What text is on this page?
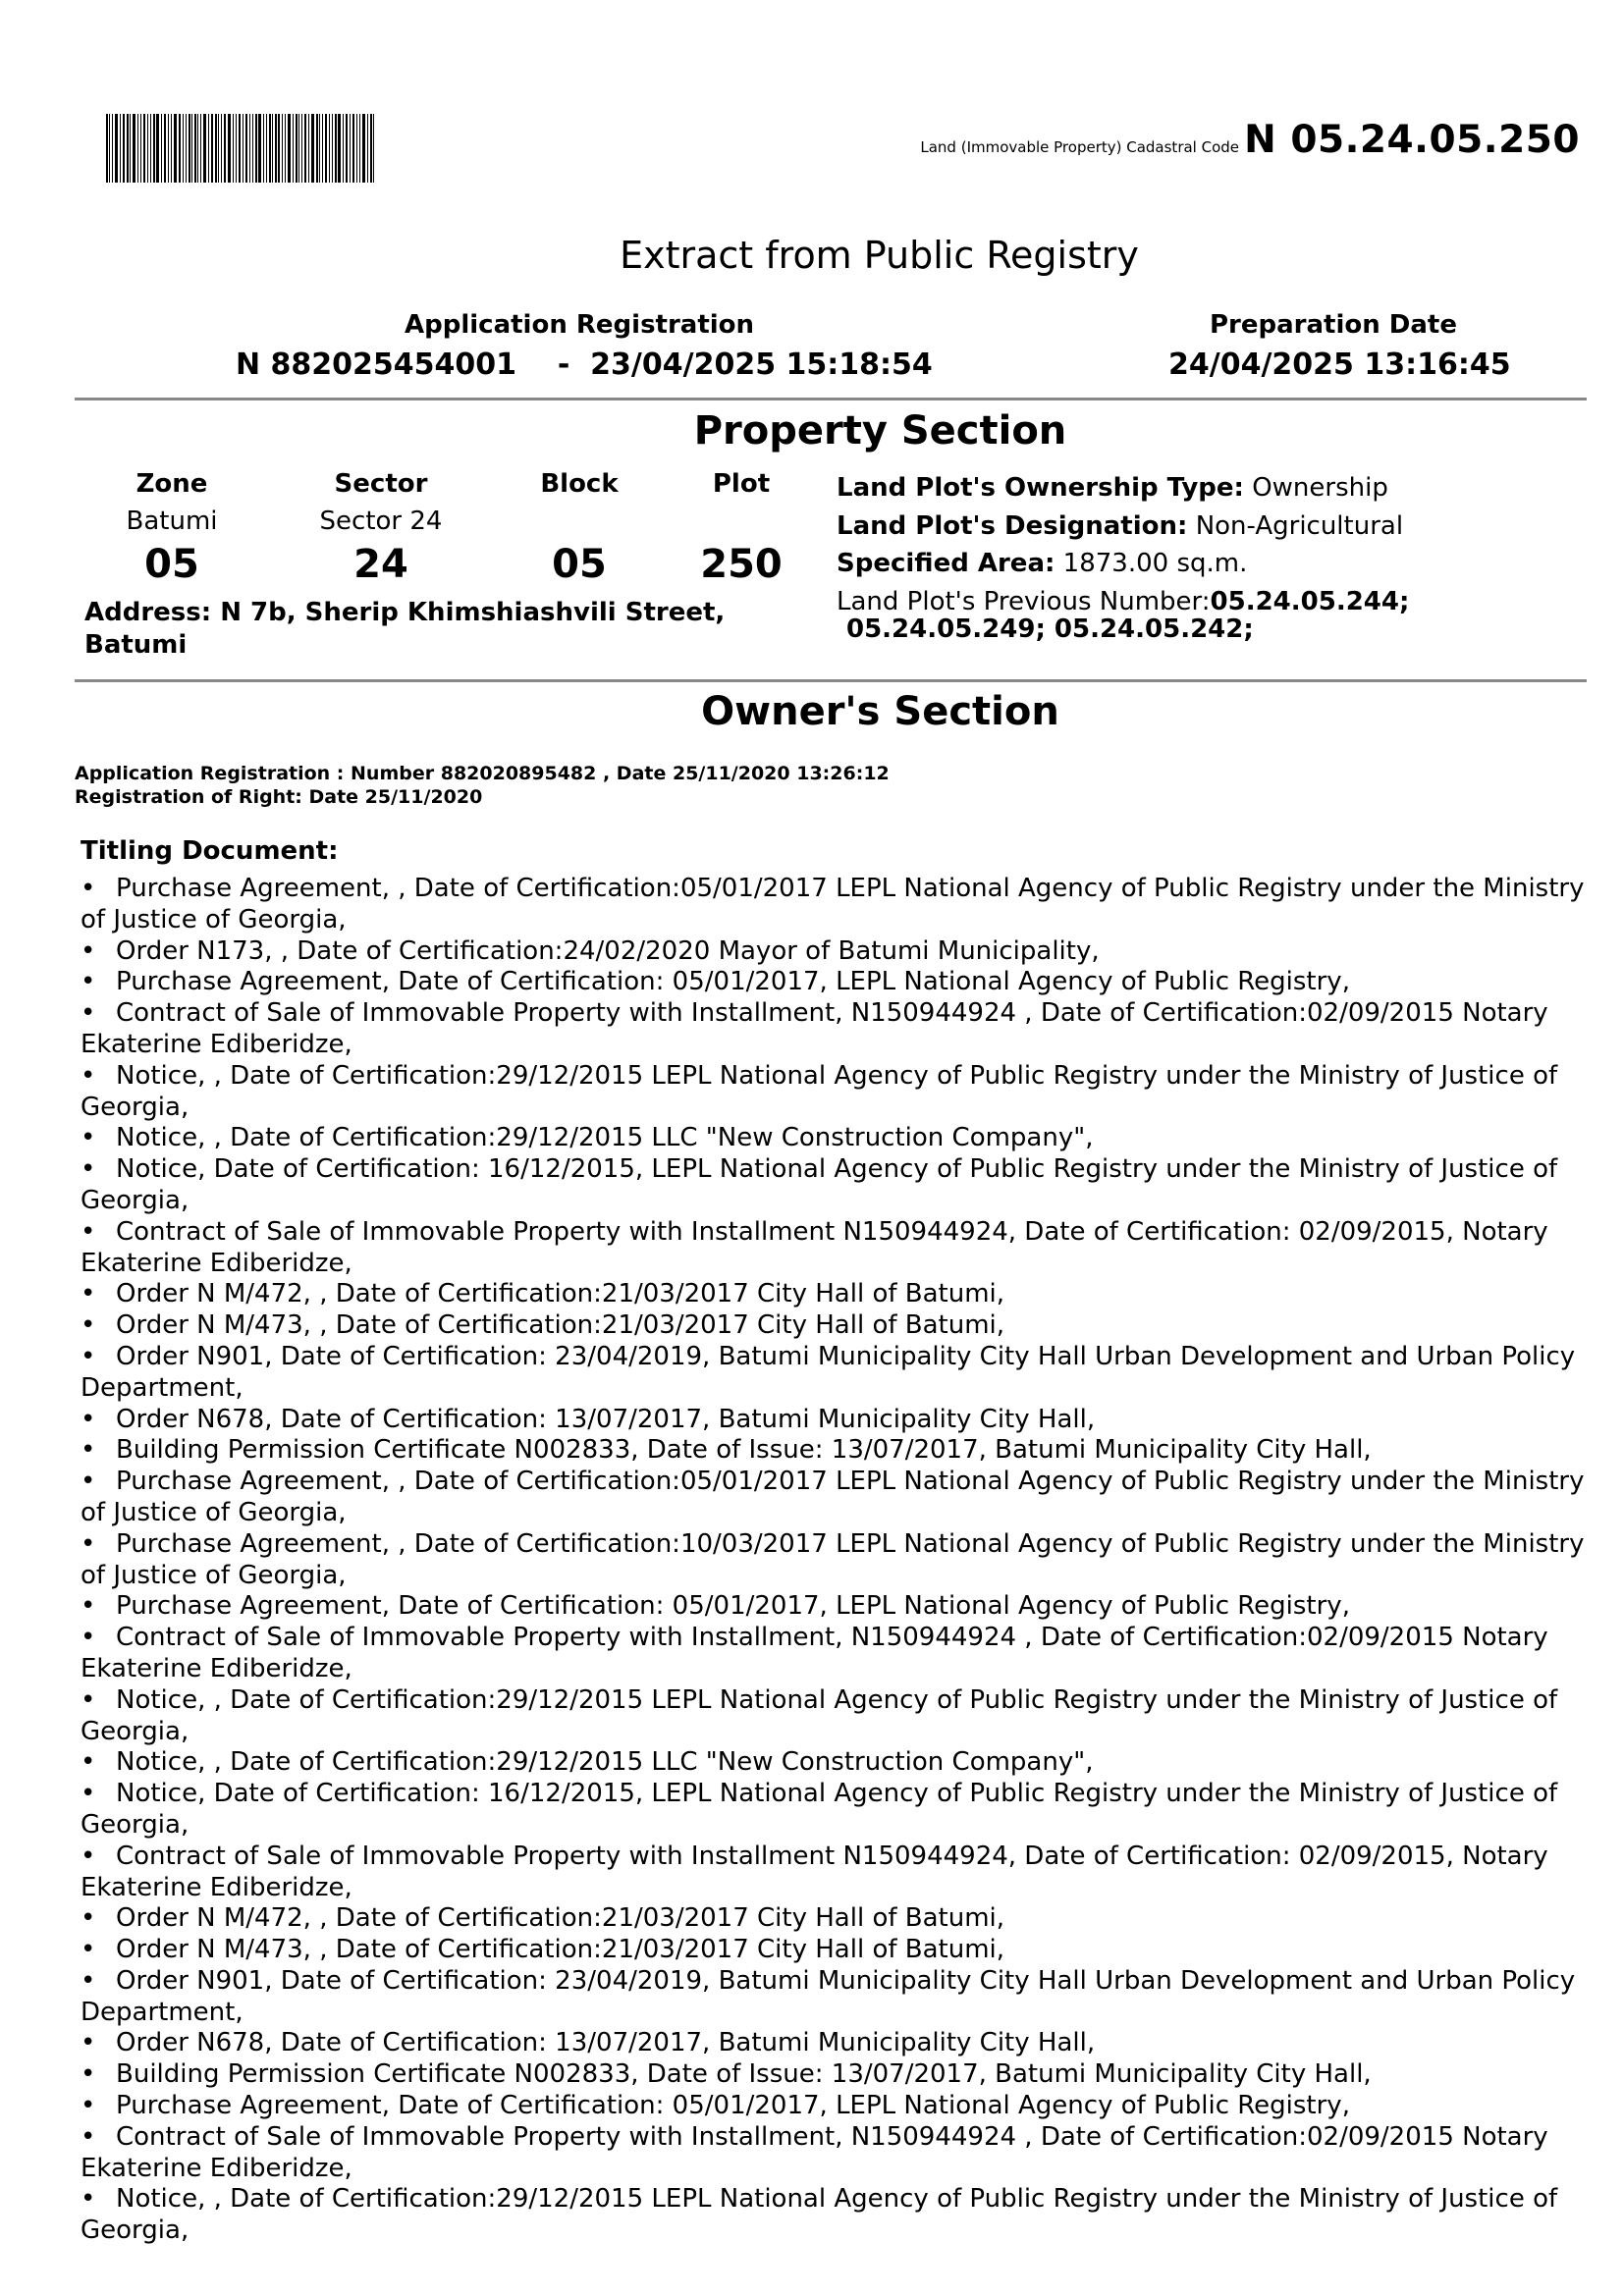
Land (Immovable Property) Cadastral Code N 05.24.05.250
Extract from Public Registry
Application Registration
N 882025454001    -  23/04/2025 15:18:54
Preparation Date
24/04/2025 13:16:45
Property Section
Zone	Sector	Block	Plot
Batumi	Sector 24
05	24	05	250
Address: N 7b, Sherip Khimshiashvili Street, Batumi
Land Plot's Ownership Type: Ownership
Land Plot's Designation: Non-Agricultural
Specified Area: 1873.00 sq.m.
Land Plot's Previous Number:05.24.05.244;
05.24.05.249; 05.24.05.242;
Owner's Section
Application Registration : Number 882020895482 , Date 25/11/2020 13:26:12
Registration of Right: Date 25/11/2020
Titling Document:
• Purchase Agreement, , Date of Certification:05/01/2017 LEPL National Agency of Public Registry under the Ministry of Justice of Georgia,
• Order N173, , Date of Certification:24/02/2020 Mayor of Batumi Municipality,
• Purchase Agreement, Date of Certification: 05/01/2017, LEPL National Agency of Public Registry,
• Contract of Sale of Immovable Property with Installment, N150944924 , Date of Certification:02/09/2015 Notary Ekaterine Ediberidze,
• Notice, , Date of Certification:29/12/2015 LEPL National Agency of Public Registry under the Ministry of Justice of Georgia,
• Notice, , Date of Certification:29/12/2015 LLC "New Construction Company",
• Notice, Date of Certification: 16/12/2015, LEPL National Agency of Public Registry under the Ministry of Justice of Georgia,
• Contract of Sale of Immovable Property with Installment N150944924, Date of Certification: 02/09/2015, Notary Ekaterine Ediberidze,
• Order N M/472, , Date of Certification:21/03/2017 City Hall of Batumi,
• Order N M/473, , Date of Certification:21/03/2017 City Hall of Batumi,
• Order N901, Date of Certification: 23/04/2019, Batumi Municipality City Hall Urban Development and Urban Policy Department,
• Order N678, Date of Certification: 13/07/2017, Batumi Municipality City Hall,
• Building Permission Certificate N002833, Date of Issue: 13/07/2017, Batumi Municipality City Hall,
• Purchase Agreement, , Date of Certification:05/01/2017 LEPL National Agency of Public Registry under the Ministry of Justice of Georgia,
• Purchase Agreement, , Date of Certification:10/03/2017 LEPL National Agency of Public Registry under the Ministry of Justice of Georgia,
• Purchase Agreement, Date of Certification: 05/01/2017, LEPL National Agency of Public Registry,
• Contract of Sale of Immovable Property with Installment, N150944924 , Date of Certification:02/09/2015 Notary Ekaterine Ediberidze,
• Notice, , Date of Certification:29/12/2015 LEPL National Agency of Public Registry under the Ministry of Justice of Georgia,
• Notice, , Date of Certification:29/12/2015 LLC "New Construction Company",
• Notice, Date of Certification: 16/12/2015, LEPL National Agency of Public Registry under the Ministry of Justice of Georgia,
• Contract of Sale of Immovable Property with Installment N150944924, Date of Certification: 02/09/2015, Notary Ekaterine Ediberidze,
• Order N M/472, , Date of Certification:21/03/2017 City Hall of Batumi,
• Order N M/473, , Date of Certification:21/03/2017 City Hall of Batumi,
• Order N901, Date of Certification: 23/04/2019, Batumi Municipality City Hall Urban Development and Urban Policy Department,
• Order N678, Date of Certification: 13/07/2017, Batumi Municipality City Hall,
• Building Permission Certificate N002833, Date of Issue: 13/07/2017, Batumi Municipality City Hall,
• Purchase Agreement, Date of Certification: 05/01/2017, LEPL National Agency of Public Registry,
• Contract of Sale of Immovable Property with Installment, N150944924 , Date of Certification:02/09/2015 Notary Ekaterine Ediberidze,
• Notice, , Date of Certification:29/12/2015 LEPL National Agency of Public Registry under the Ministry of Justice of Georgia,
